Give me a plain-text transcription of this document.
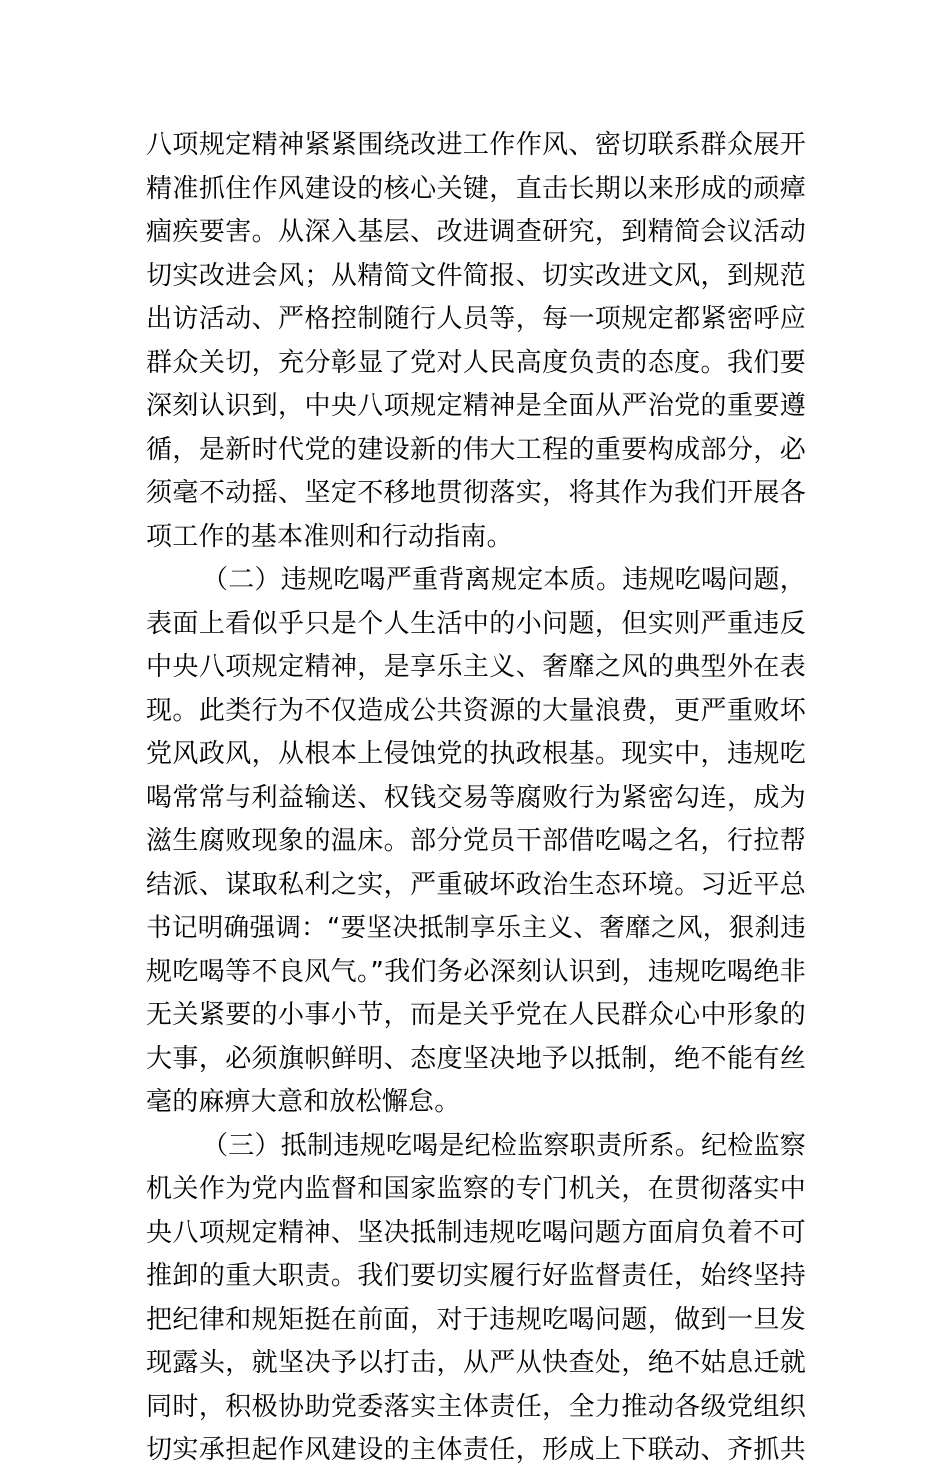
八项规定精神紧紧围绕改进工作作风、密切联系群众展开
精准抓住作风建设的核心关键，直击长期以来形成的顽瘴
痼疾要害。从深入基层、改进调查研究，到精简会议活动
切实改进会风；从精简文件简报、切实改进文风，到规范
出访活动、严格控制随行人员等，每一项规定都紧密呼应
群众关切，充分彰显了党对人民高度负责的态度。我们要
深刻认识到，中央八项规定精神是全面从严治党的重要遵
循，是新时代党的建设新的伟大工程的重要构成部分，必
须毫不动摇、坚定不移地贯彻落实，将其作为我们开展各
项工作的基本准则和行动指南。
（二）违规吃喝严重背离规定本质。违规吃喝问题，
表面上看似乎只是个人生活中的小问题，但实则严重违反
中央八项规定精神，是享乐主义、奢靡之风的典型外在表
现。此类行为不仅造成公共资源的大量浪费，更严重败坏
党风政风，从根本上侵蚀党的执政根基。现实中，违规吃
喝常常与利益输送、权钱交易等腐败行为紧密勾连，成为
滋生腐败现象的温床。部分党员干部借吃喝之名，行拉帮
结派、谋取私利之实，严重破坏政治生态环境。习近平总
书记明确强调：“要坚决抵制享乐主义、奢靡之风，狠刹违
规吃喝等不良风气。”我们务必深刻认识到，违规吃喝绝非
无关紧要的小事小节，而是关乎党在人民群众心中形象的
大事，必须旗帜鲜明、态度坚决地予以抵制，绝不能有丝
毫的麻痹大意和放松懈怠。
（三）抵制违规吃喝是纪检监察职责所系。纪检监察
机关作为党内监督和国家监察的专门机关，在贯彻落实中
央八项规定精神、坚决抵制违规吃喝问题方面肩负着不可
推卸的重大职责。我们要切实履行好监督责任，始终坚持
把纪律和规矩挺在前面，对于违规吃喝问题，做到一旦发
现露头，就坚决予以打击，从严从快查处，绝不姑息迁就
同时，积极协助党委落实主体责任，全力推动各级党组织
切实承担起作风建设的主体责任，形成上下联动、齐抓共
